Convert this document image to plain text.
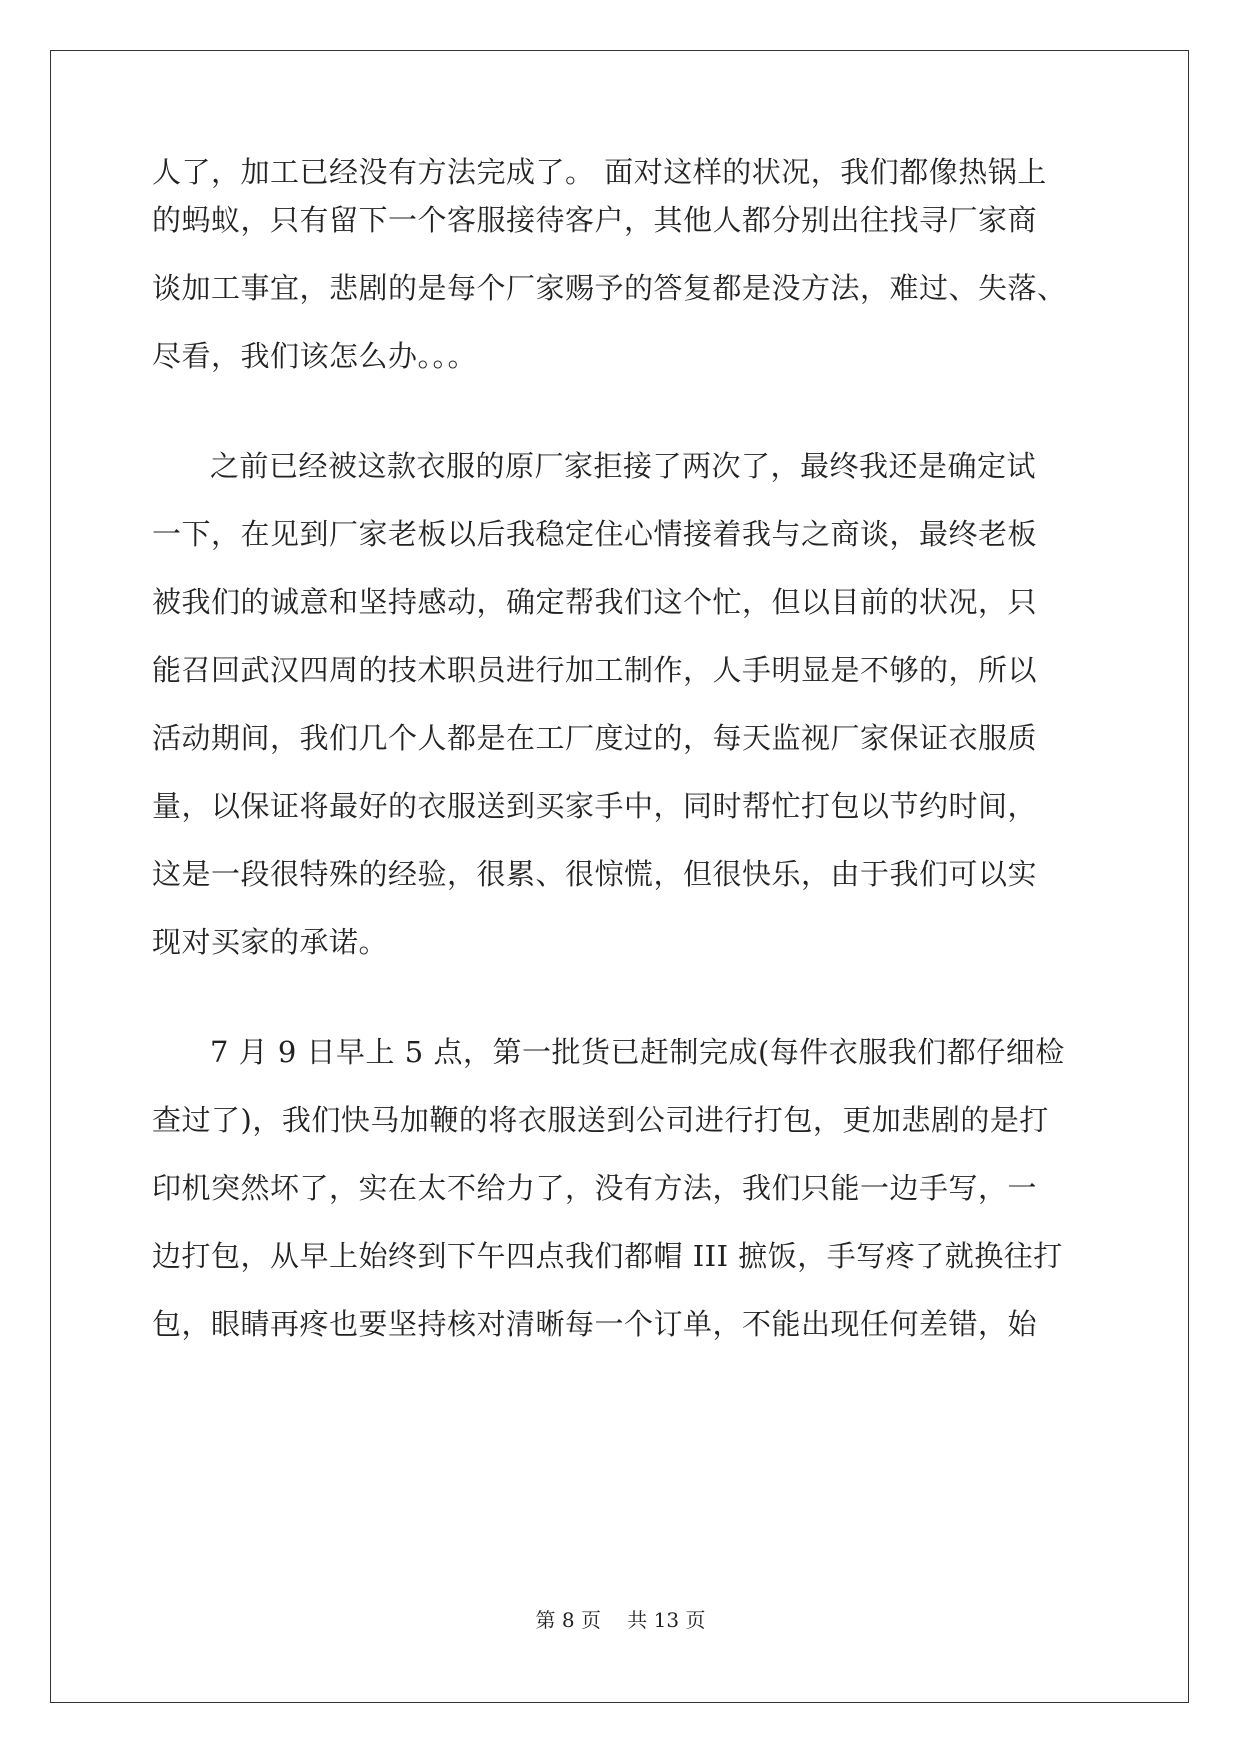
人了，加工已经没有方法完成了。 面对这样的状况，我们都像热锅上
的蚂蚁，只有留下一个客服接待客户，其他人都分别出往找寻厂家商
谈加工事宜，悲剧的是每个厂家赐予的答复都是没方法，难过、失落、
尽看，我们该怎么办。。。
之前已经被这款衣服的原厂家拒接了两次了，最终我还是确定试
一下，在见到厂家老板以后我稳定住心情接着我与之商谈，最终老板
被我们的诚意和坚持感动，确定帮我们这个忙，但以目前的状况，只
能召回武汉四周的技术职员进行加工制作，人手明显是不够的，所以
活动期间，我们几个人都是在工厂度过的，每天监视厂家保证衣服质
量，以保证将最好的衣服送到买家手中，同时帮忙打包以节约时间，
这是一段很特殊的经验，很累、很惊慌，但很快乐，由于我们可以实
现对买家的承诺。
7 月 9 日早上 5 点，第一批货已赶制完成(每件衣服我们都仔细检
查过了)，我们快马加鞭的将衣服送到公司进行打包，更加悲剧的是打
印机突然坏了，实在太不给力了，没有方法，我们只能一边手写，一
边打包，从早上始终到下午四点我们都帽 III 摭饭，手写疼了就换往打
包，眼睛再疼也要坚持核对清晰每一个订单，不能出现任何差错，始
第 8 页　 共 13 页
